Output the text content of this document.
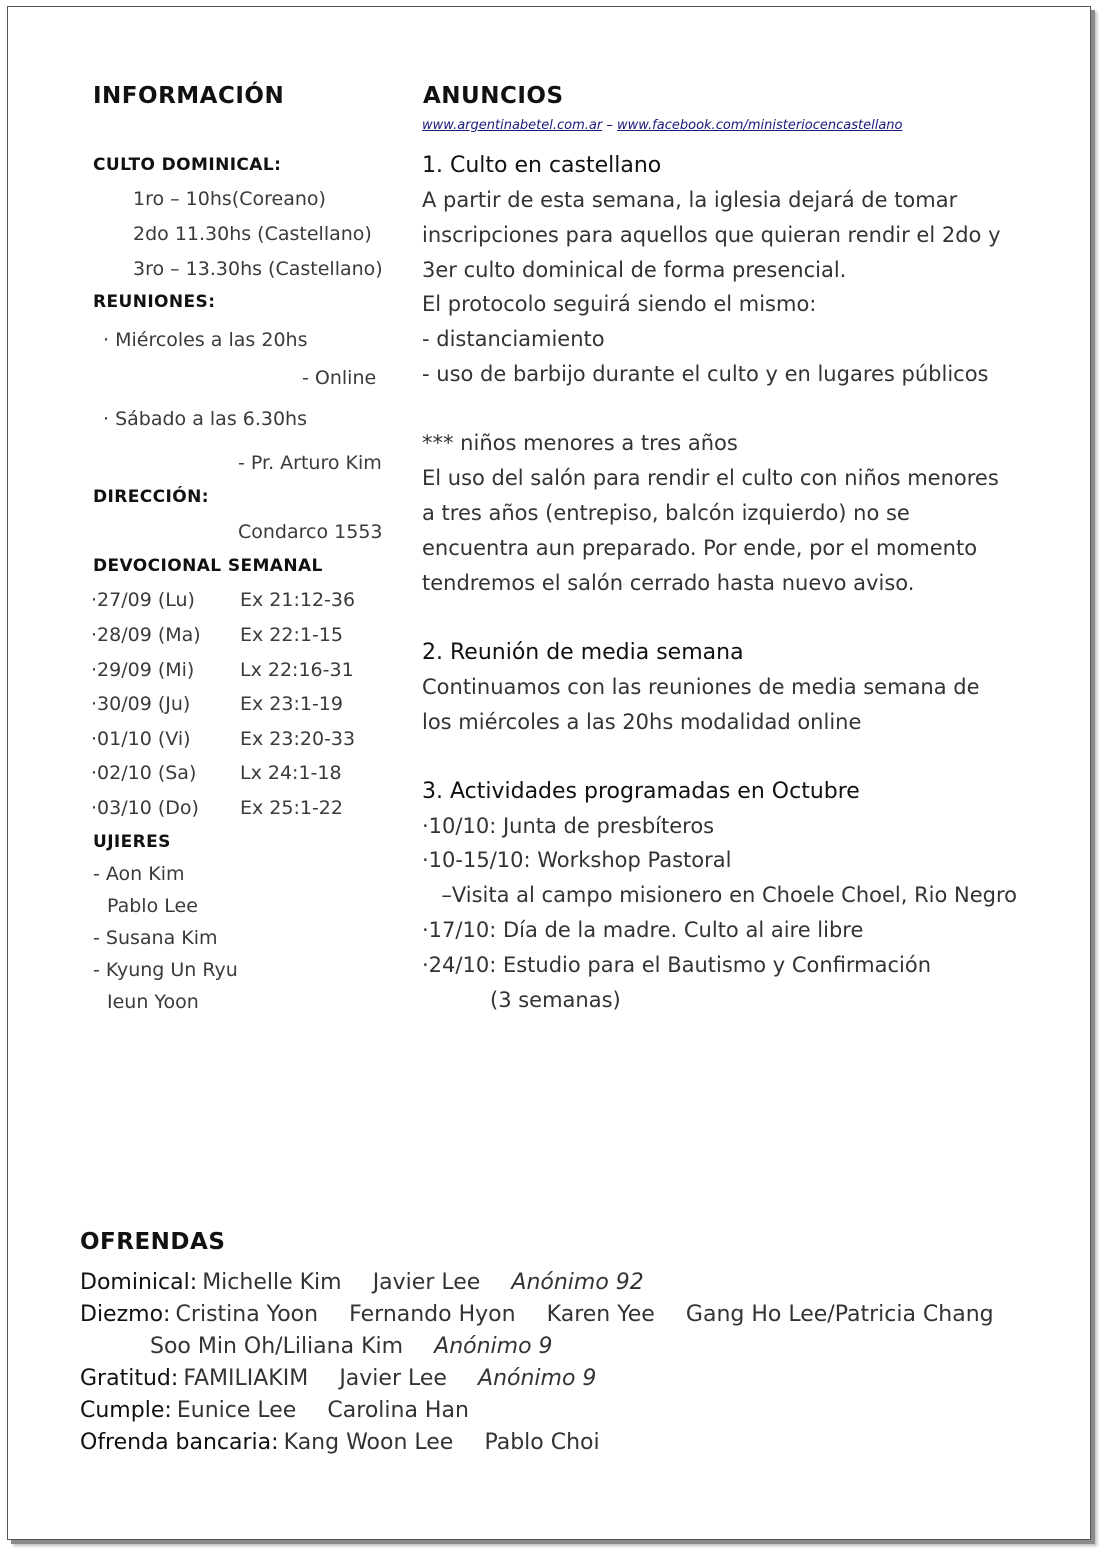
INFORMACIÓN
CULTO DOMINICAL:
1ro – 10hs(Coreano)
2do 11.30hs (Castellano)
3ro – 13.30hs (Castellano)
REUNIONES:
· Miércoles a las 20hs
- Online
· Sábado a las 6.30hs
- Pr. Arturo Kim
DIRECCIÓN:
Condarco 1553
DEVOCIONAL SEMANAL
·27/09 (Lu) Ex 21:12-36
·28/09 (Ma) Ex 22:1-15
·29/09 (Mi) Lx 22:16-31
·30/09 (Ju)	Ex 23:1-19
·01/10 (Vi)	Ex 23:20-33
·02/10 (Sa) Lx 24:1-18
·03/10 (Do) Ex 25:1-22
UJIERES
- Aon Kim
Pablo Lee
- Susana Kim
- Kyung Un Ryu
Ieun Yoon
ANUNCIOS
www.argentinabetel.com.ar – www.facebook.com/ministeriocencastellano
1. Culto en castellano
A partir de esta semana, la iglesia dejará de tomar
inscripciones para aquellos que quieran rendir el 2do y
3er culto dominical de forma presencial.
El protocolo seguirá siendo el mismo:
- distanciamiento
- uso de barbijo durante el culto y en lugares públicos
*** niños menores a tres años
El uso del salón para rendir el culto con niños menores
a tres años (entrepiso, balcón izquierdo) no se
encuentra aun preparado. Por ende, por el momento
tendremos el salón cerrado hasta nuevo aviso.
2. Reunión de media semana
Continuamos con las reuniones de media semana de
los miércoles a las 20hs modalidad online
3. Actividades programadas en Octubre
·10/10: Junta de presbíteros
·10-15/10: Workshop Pastoral
–Visita al campo misionero en Choele Choel, Rio Negro
·17/10: Día de la madre. Culto al aire libre
·24/10: Estudio para el Bautismo y Confirmación
(3 semanas)
OFRENDAS
Dominical: Michelle Kim Javier Lee Anónimo 92
Diezmo: Cristina Yoon Fernando Hyon Karen Yee Gang Ho Lee/Patricia Chang
Soo Min Oh/Liliana Kim Anónimo 9
Gratitud: FAMILIAKIM Javier Lee Anónimo 9
Cumple: Eunice Lee Carolina Han
Ofrenda bancaria: Kang Woon Lee Pablo Choi
